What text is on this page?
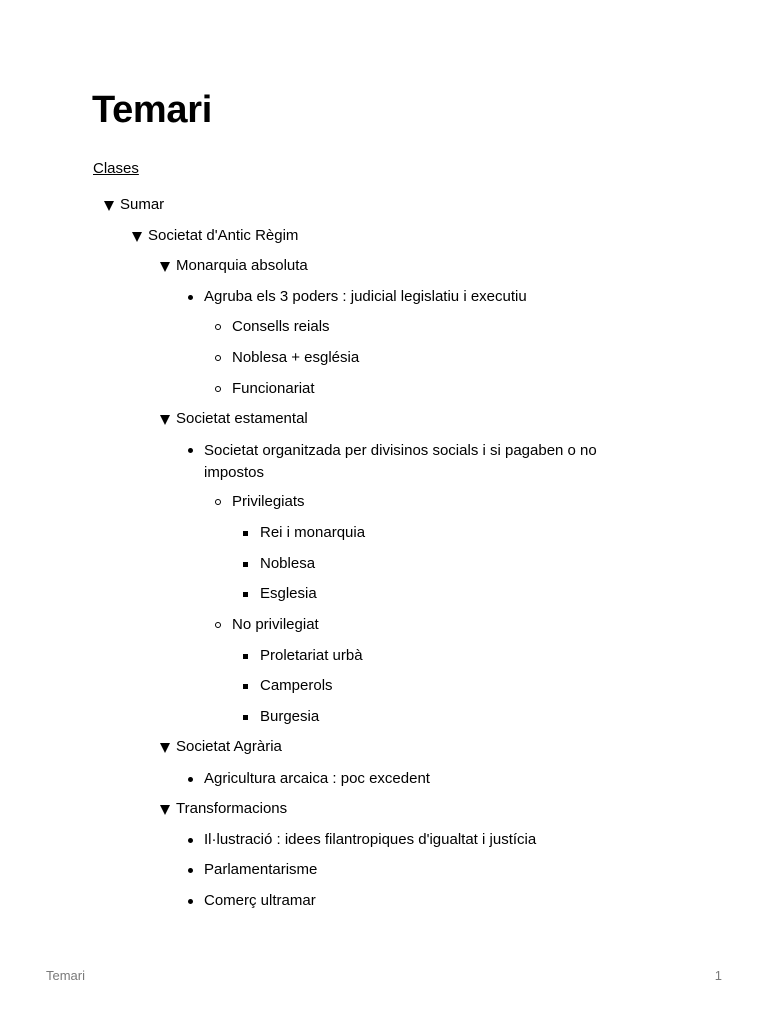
Temari
Clases
Sumar
Societat d'Antic Règim
Monarquia absoluta
Agruba els 3 poders : judicial legislatiu i executiu
Consells reials
Noblesa + església
Funcionariat
Societat estamental
Societat organitzada per divisinos socials i si pagaben o no impostos
Privilegiats
Rei i monarquia
Noblesa
Esglesia
No privilegiat
Proletariat urbà
Camperols
Burgesia
Societat Agrària
Agricultura arcaica : poc excedent
Transformacions
Il·lustració : idees filantropiques d'igualtat i justícia
Parlamentarisme
Comerç ultramar
Temari	1
